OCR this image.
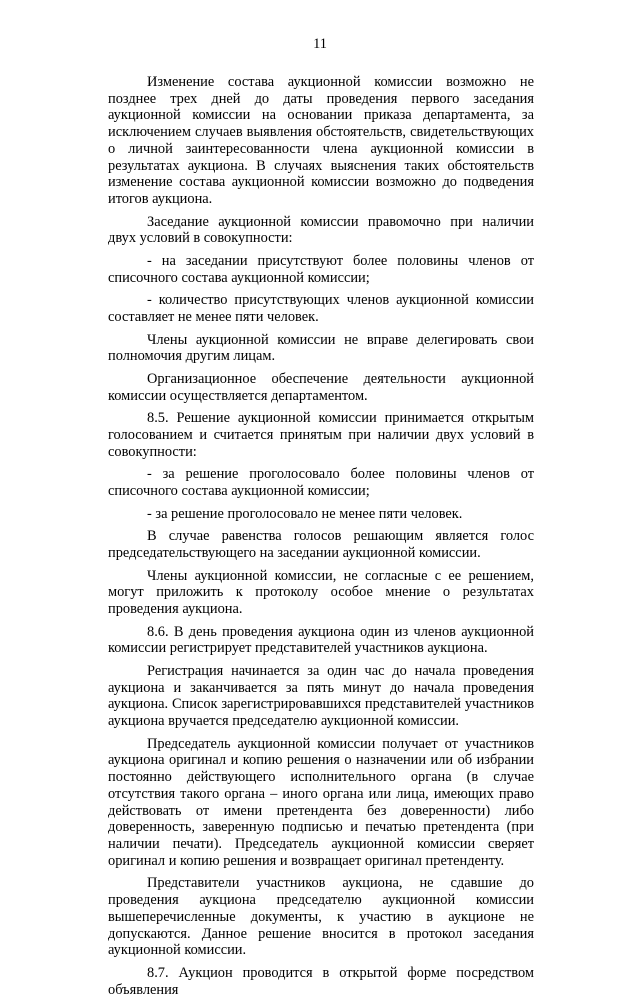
11

Изменение состава аукционной комиссии возможно не позднее трех дней до даты проведения первого заседания аукционной комиссии на основании приказа департамента, за исключением случаев выявления обстоятельств, свидетельствующих о личной заинтересованности члена аукционной комиссии в результатах аукциона. В случаях выяснения таких обстоятельств изменение состава аукционной комиссии возможно до подведения итогов аукциона.

Заседание аукционной комиссии правомочно при наличии двух условий в совокупности:

- на заседании присутствуют более половины членов от списочного состава аукционной комиссии;

- количество присутствующих членов аукционной комиссии составляет не менее пяти человек.

Члены аукционной комиссии не вправе делегировать свои полномочия другим лицам.

Организационное обеспечение деятельности аукционной комиссии осуществляется департаментом.

8.5. Решение аукционной комиссии принимается открытым голосованием и считается принятым при наличии двух условий в совокупности:

- за решение проголосовало более половины членов от списочного состава аукционной комиссии;

- за решение проголосовало не менее пяти человек.

В случае равенства голосов решающим является голос председательствующего на заседании аукционной комиссии.

Члены аукционной комиссии, не согласные с ее решением, могут приложить к протоколу особое мнение о результатах проведения аукциона.

8.6. В день проведения аукциона один из членов аукционной комиссии регистрирует представителей участников аукциона.

Регистрация начинается за один час до начала проведения аукциона и заканчивается за пять минут до начала проведения аукциона. Список зарегистрировавшихся представителей участников аукциона вручается председателю аукционной комиссии.

Председатель аукционной комиссии получает от участников аукциона оригинал и копию решения о назначении или об избрании постоянно действующего исполнительного органа (в случае отсутствия такого органа – иного органа или лица, имеющих право действовать от имени претендента без доверенности) либо доверенность, заверенную подписью и печатью претендента (при наличии печати). Председатель аукционной комиссии сверяет оригинал и копию решения и возвращает оригинал претенденту.

Представители участников аукциона, не сдавшие до проведения аукциона председателю аукционной комиссии вышеперечисленные документы, к участию в аукционе не допускаются. Данное решение вносится в протокол заседания аукционной комиссии.

8.7. Аукцион проводится в открытой форме посредством объявления
